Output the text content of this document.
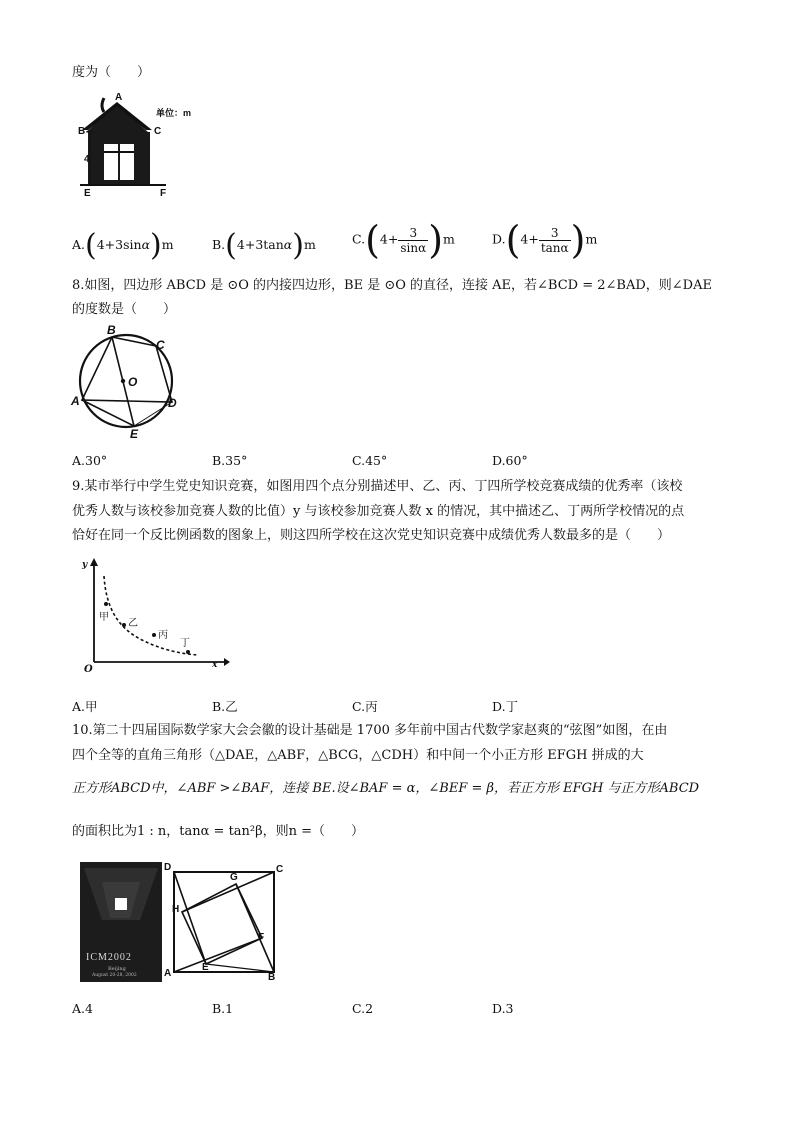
度为（　　）
A
单位：m
C
B
4
E	F
A.(4+3sinα)m	B.(4+3tanα)m	$C.(4+ \frac{3}{\sin\alpha} )m$	$D.(4+ \frac{3}{\tan\alpha} )m$
8.如图，四边形 ABCD 是 ⊙O 的内接四边形，BE 是 ⊙O 的直径，连接 AE，若∠BCD = 2∠BAD，则∠DAE
的度数是（　　）
B
C
O
A	D
E
A.30°	B.35°	C.45°	D.60°
9.某市举行中学生党史知识竞赛，如图用四个点分别描述甲、乙、丙、丁四所学校竞赛成绩的优秀率（该校
优秀人数与该校参加竞赛人数的比值）y 与该校参加竞赛人数 x 的情况，其中描述乙、丁两所学校情况的点
恰好在同一个反比例函数的图象上，则这四所学校在这次党史知识竞赛中成绩优秀人数最多的是（　　）
y
x
O
甲
乙
丙
丁
A.甲	B.乙	C.丙	D.丁
10.第二十四届国际数学家大会会徽的设计基础是 1700 多年前中国古代数学家赵爽的“弦图”如图，在由
四个全等的直角三角形（△DAE，△ABF，△BCG，△CDH）和中间一个小正方形 EFGH 拼成的大
正方形ABCD中，∠ABF >∠BAF，连接 BE.设∠BAF = α，∠BEF = β，若正方形 EFGH 与正方形ABCD
的面积比为1 : n，tanα = tan²β，则n =（　　）
ICM2002
Beijing
August 20-28, 2002
D	C
G
H
F
A
E
B
A.4	B.1	C.2	D.3
